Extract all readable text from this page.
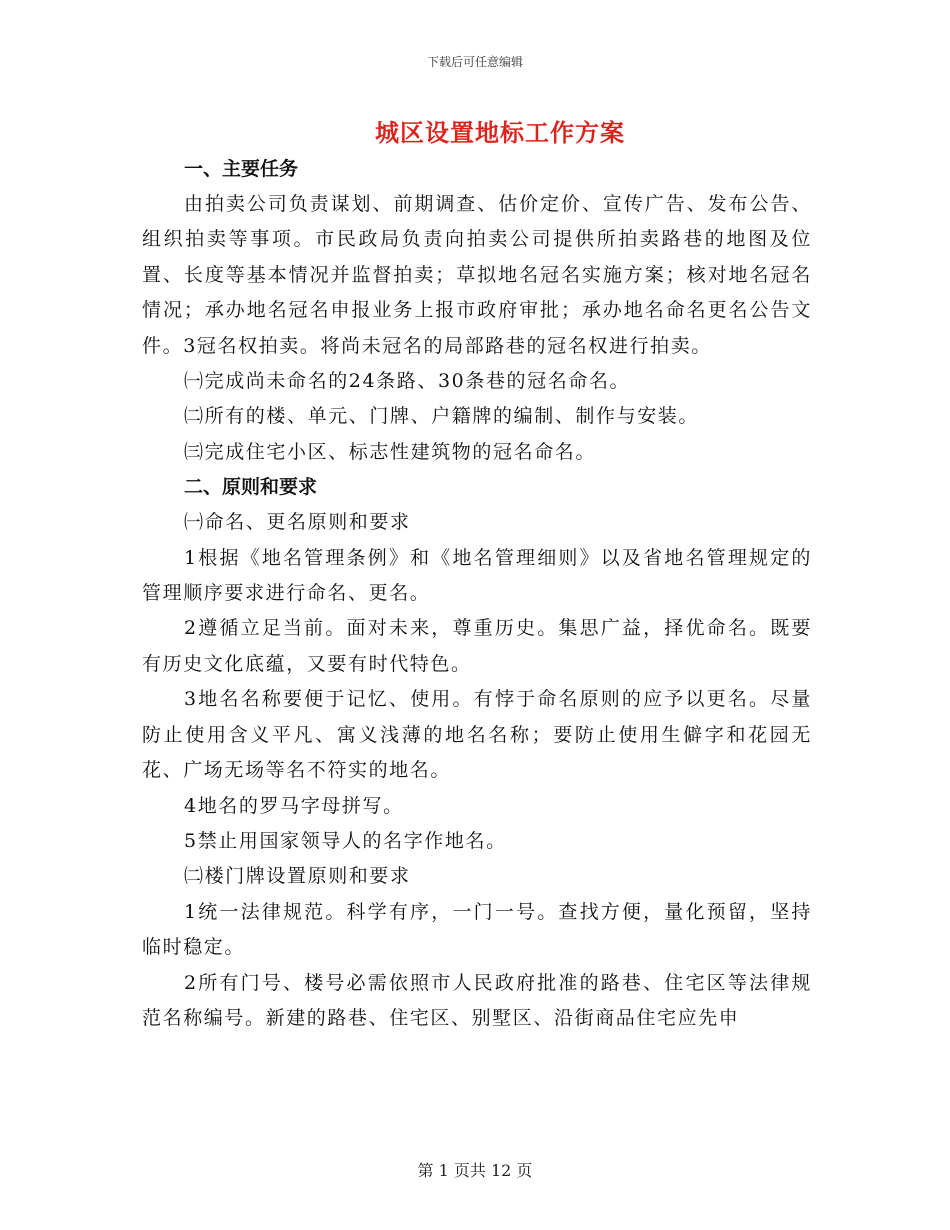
下载后可任意编辑
城区设置地标工作方案

一、主要任务

由拍卖公司负责谋划、前期调查、估价定价、宣传广告、发布公告、组织拍卖等事项。市民政局负责向拍卖公司提供所拍卖路巷的地图及位置、长度等基本情况并监督拍卖；草拟地名冠名实施方案；核对地名冠名情况；承办地名冠名申报业务上报市政府审批；承办地名命名更名公告文件。3冠名权拍卖。将尚未冠名的局部路巷的冠名权进行拍卖。

㈠完成尚未命名的24条路、30条巷的冠名命名。

㈡所有的楼、单元、门牌、户籍牌的编制、制作与安装。

㈢完成住宅小区、标志性建筑物的冠名命名。

二、原则和要求

㈠命名、更名原则和要求

1根据《地名管理条例》和《地名管理细则》以及省地名管理规定的管理顺序要求进行命名、更名。

2遵循立足当前。面对未来，尊重历史。集思广益，择优命名。既要有历史文化底蕴，又要有时代特色。

3地名名称要便于记忆、使用。有悖于命名原则的应予以更名。尽量防止使用含义平凡、寓义浅薄的地名名称；要防止使用生僻字和花园无花、广场无场等名不符实的地名。

4地名的罗马字母拼写。

5禁止用国家领导人的名字作地名。

㈡楼门牌设置原则和要求

1统一法律规范。科学有序，一门一号。查找方便，量化预留，坚持临时稳定。

2所有门号、楼号必需依照市人民政府批准的路巷、住宅区等法律规范名称编号。新建的路巷、住宅区、别墅区、沿街商品住宅应先申

第 1 页共 12 页
